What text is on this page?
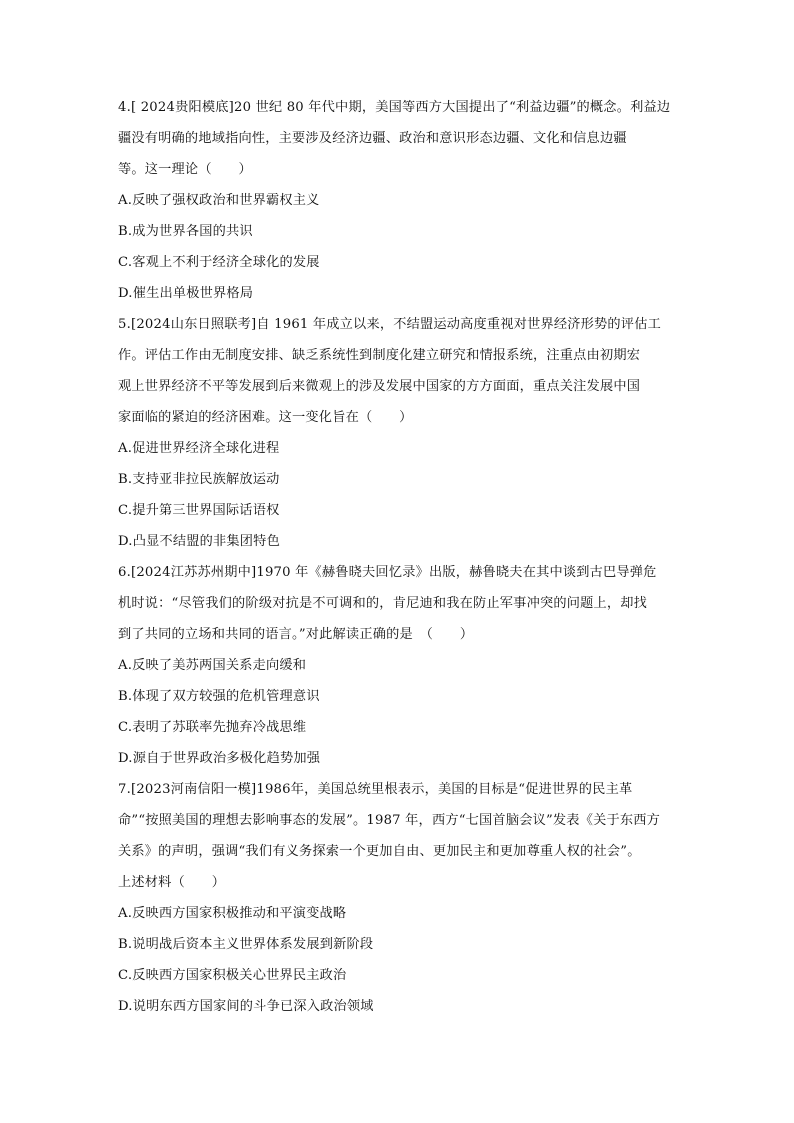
4.[ 2024贵阳模底]20 世纪 80 年代中期，美国等西方大国提出了“利益边疆”的概念。利益边
疆没有明确的地域指向性，主要涉及经济边疆、政治和意识形态边疆、文化和信息边疆
等。这一理论（　　）
A.反映了强权政治和世界霸权主义
B.成为世界各国的共识
C.客观上不利于经济全球化的发展
D.催生出单极世界格局
5.[2024山东日照联考]自 1961 年成立以来，不结盟运动高度重视对世界经济形势的评估工
作。评估工作由无制度安排、缺乏系统性到制度化建立研究和情报系统，注重点由初期宏
观上世界经济不平等发展到后来微观上的涉及发展中国家的方方面面，重点关注发展中国
家面临的紧迫的经济困难。这一变化旨在（　　）
A.促进世界经济全球化进程
B.支持亚非拉民族解放运动
C.提升第三世界国际话语权
D.凸显不结盟的非集团特色
6.[2024江苏苏州期中]1970 年《赫鲁晓夫回忆录》出版，赫鲁晓夫在其中谈到古巴导弹危
机时说：“尽管我们的阶级对抗是不可调和的，肯尼迪和我在防止军事冲突的问题上，却找
到了共同的立场和共同的语言。”对此解读正确的是　（　　）
A.反映了美苏两国关系走向缓和
B.体现了双方较强的危机管理意识
C.表明了苏联率先抛弃冷战思维
D.源自于世界政治多极化趋势加强
7.[2023河南信阳一模]1986年，美国总统里根表示，美国的目标是“促进世界的民主革
命”“按照美国的理想去影响事态的发展”。1987 年，西方“七国首脑会议”发表《关于东西方
关系》的声明，强调“我们有义务探索一个更加自由、更加民主和更加尊重人权的社会”。
上述材料（　　）
A.反映西方国家积极推动和平演变战略
B.说明战后资本主义世界体系发展到新阶段
C.反映西方国家积极关心世界民主政治
D.说明东西方国家间的斗争已深入政治领域
